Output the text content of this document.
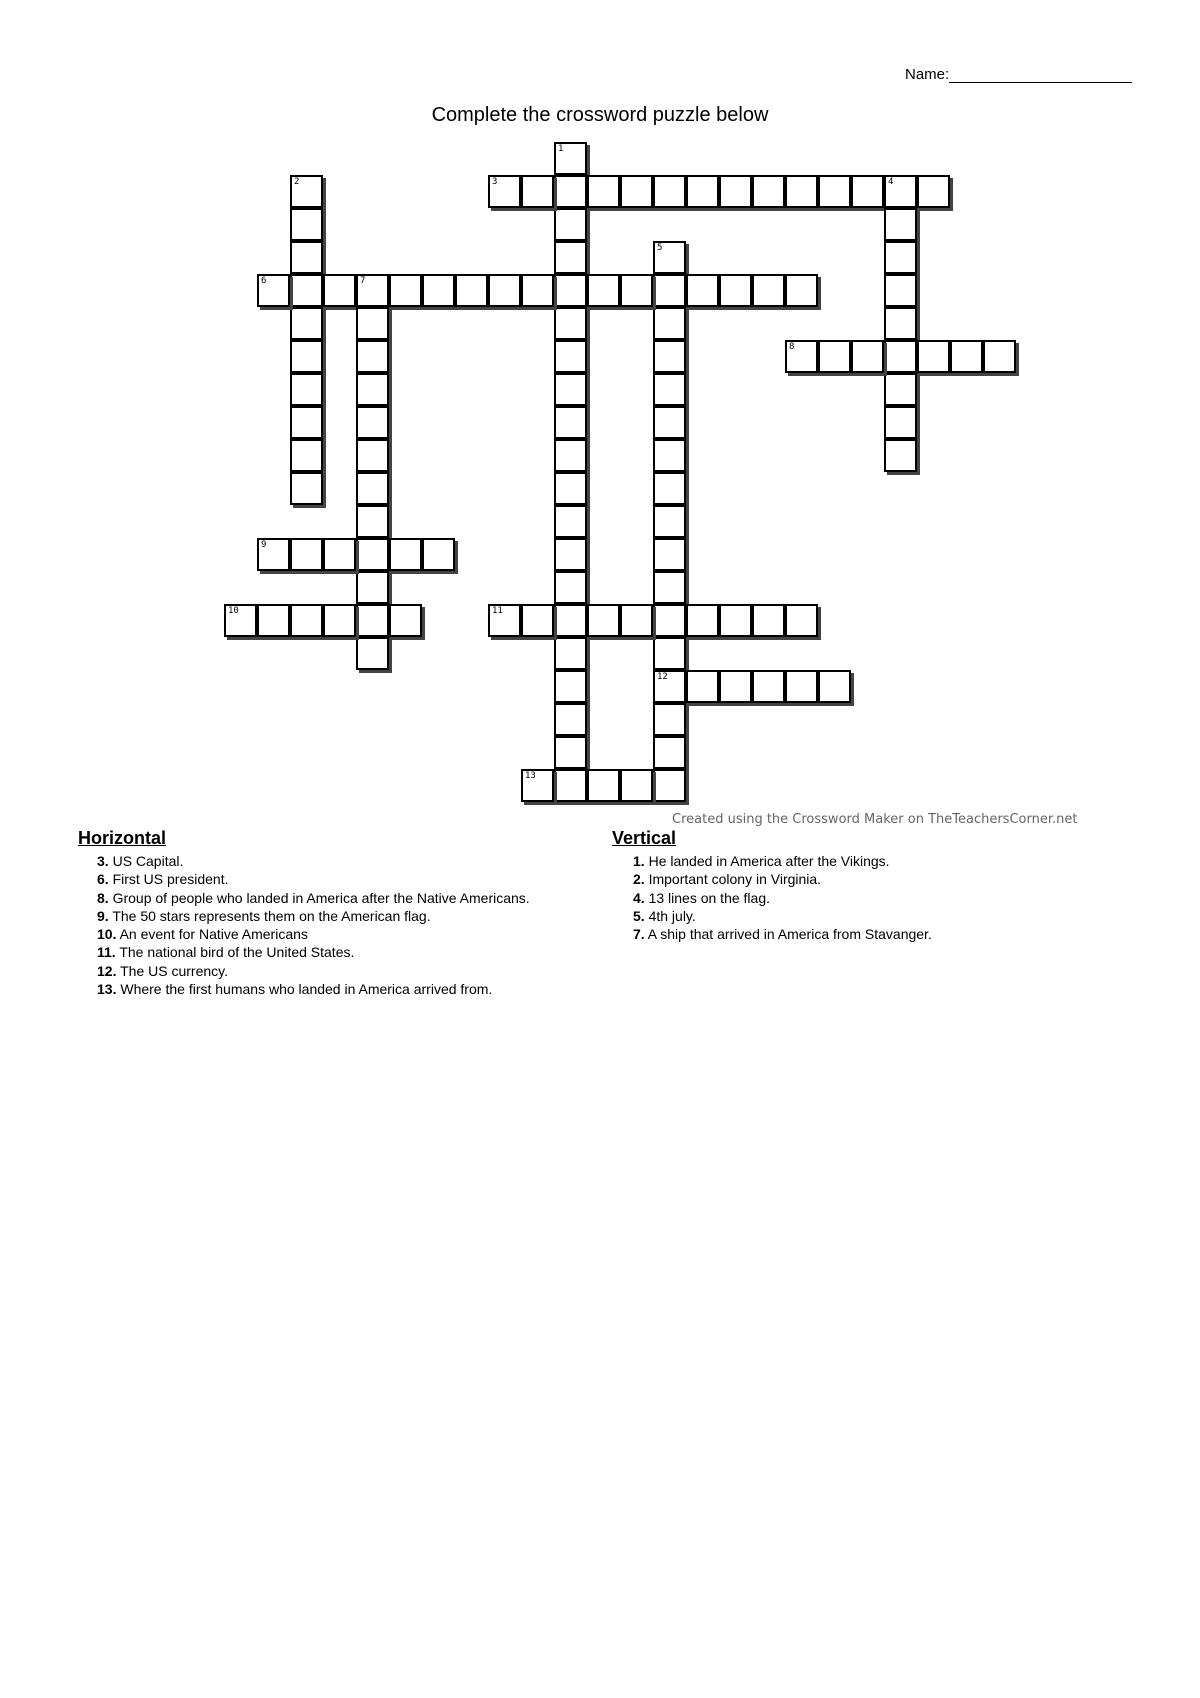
Name:
Complete the crossword puzzle below
1
2	3	4
5
12
6	7
8
9
10	11
13
Created using the Crossword Maker on TheTeachersCorner.net
Horizontal
3. US Capital.
6. First US president.
8. Group of people who landed in America after the Native Americans.
9. The 50 stars represents them on the American flag.
10. An event for Native Americans
11. The national bird of the United States.
12. The US currency.
13. Where the first humans who landed in America arrived from.
Vertical
1. He landed in America after the Vikings.
2. Important colony in Virginia.
4. 13 lines on the flag.
5. 4th july.
7. A ship that arrived in America from Stavanger.
